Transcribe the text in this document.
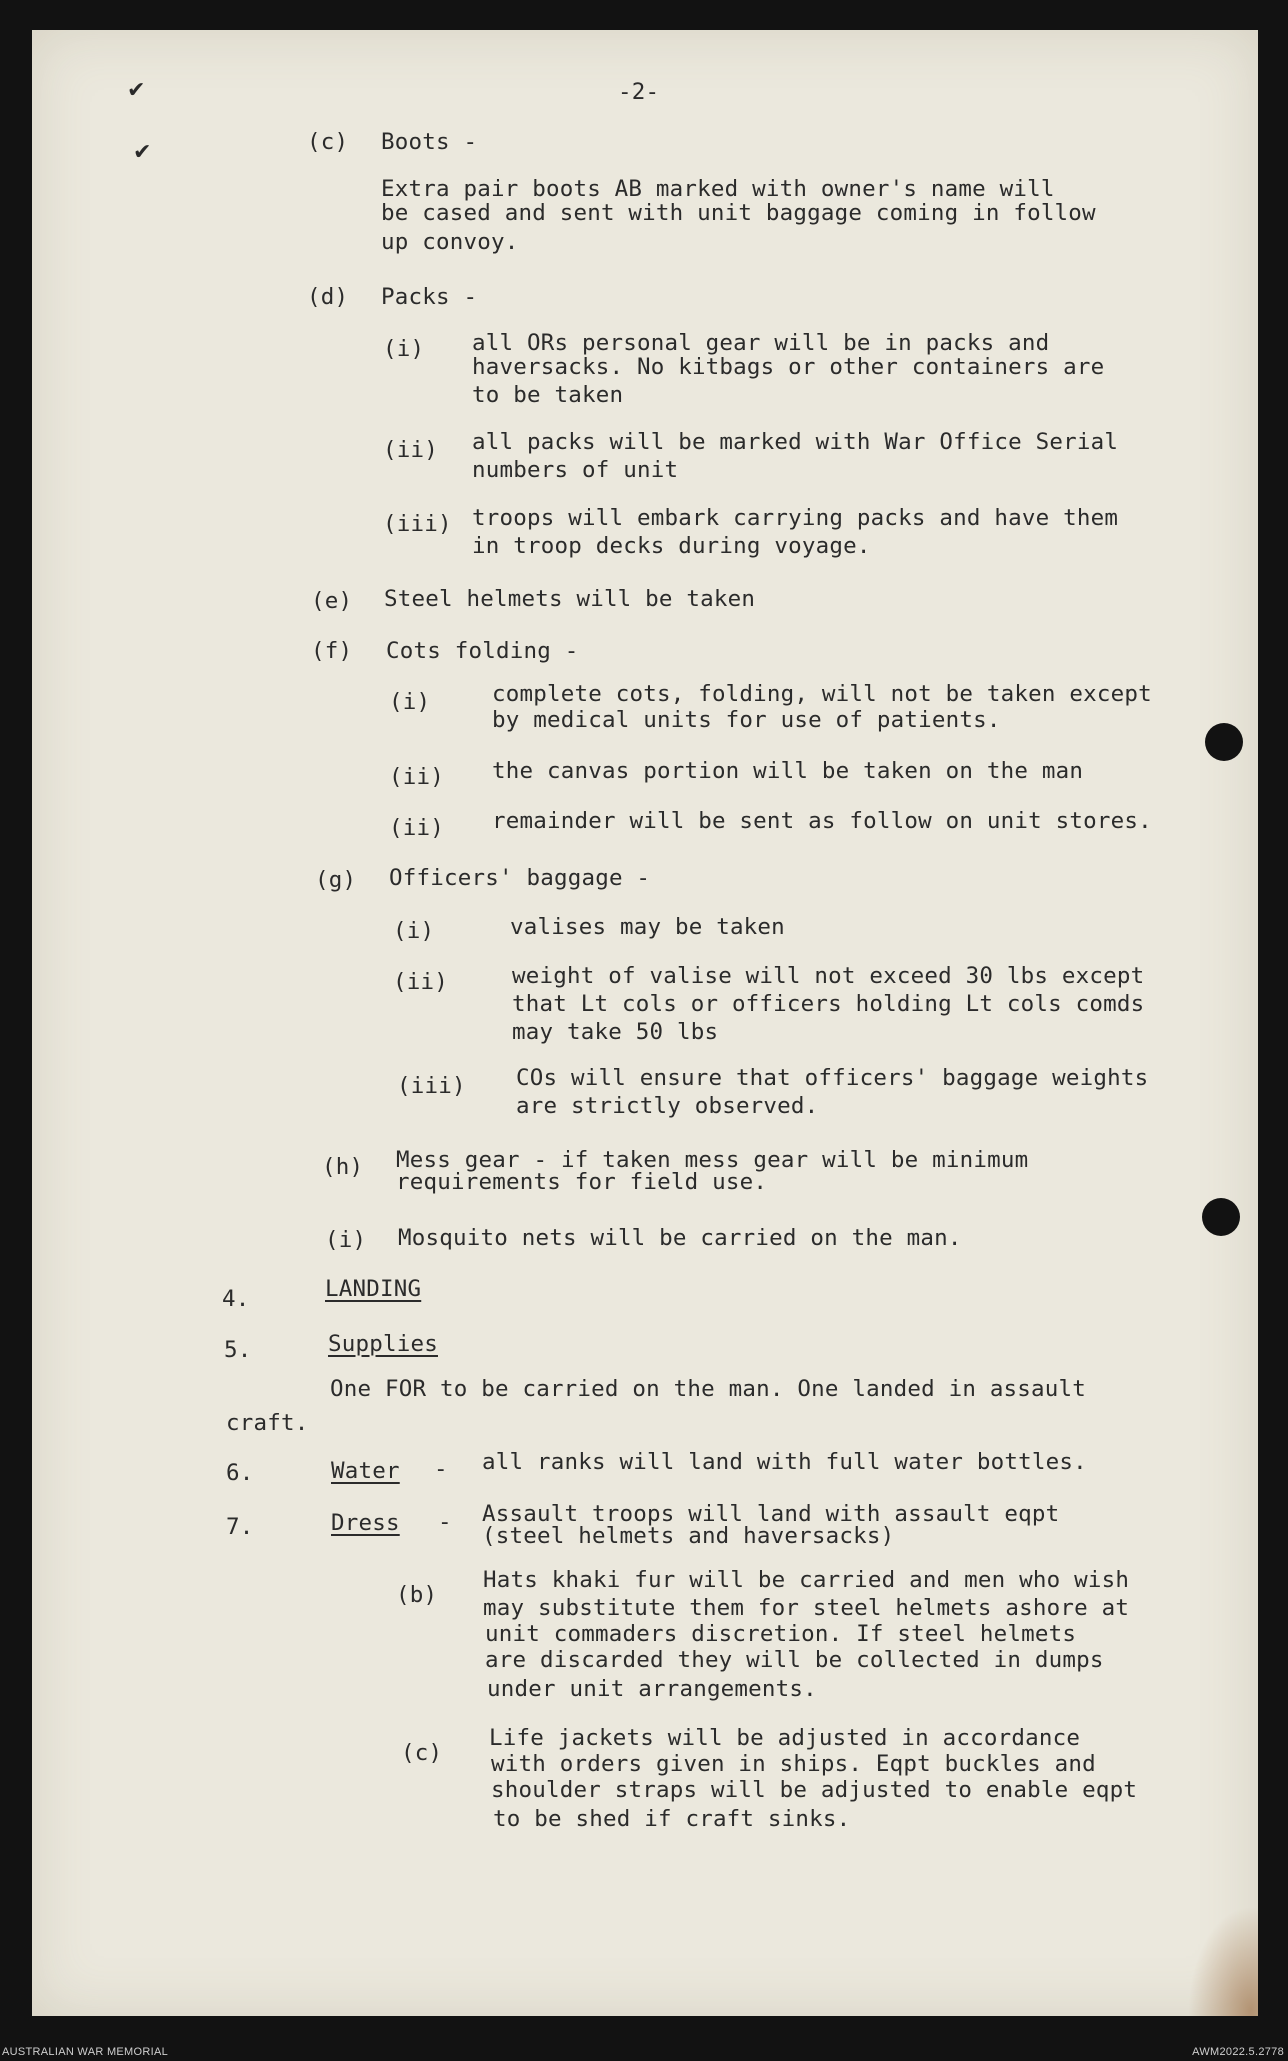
✔
✔
-2-
(c) Boots -
Extra pair boots AB marked with owner's name will
be cased and sent with unit baggage coming in follow
up convoy.
(d) Packs -
(i) all ORs personal gear will be in packs and
haversacks. No kitbags or other containers are
to be taken
(ii) all packs will be marked with War Office Serial
numbers of unit
(iii) troops will embark carrying packs and have them
in troop decks during voyage.
(e) Steel helmets will be taken
(f) Cots folding -
(i)	complete cots, folding, will not be taken except
by medical units for use of patients.
(ii) the canvas portion will be taken on the man
(ii) remainder will be sent as follow on unit stores.
(g) Officers' baggage -
(i)	valises may be taken
(ii)	weight of valise will not exceed 30 lbs except
that Lt cols or officers holding Lt cols comds
may take 50 lbs
(iii) COs will ensure that officers' baggage weights
are strictly observed.
(h) Mess gear - if taken mess gear will be minimum
requirements for field use.
(i) Mosquito nets will be carried on the man.
4.	LANDING
5.	Supplies
One FOR to be carried on the man. One landed in assault
craft.
6.	Water - all ranks will land with full water bottles.
7.	Dress - Assault troops will land with assault eqpt
(steel helmets and haversacks)
(b)
Hats khaki fur will be carried and men who wish
may substitute them for steel helmets ashore at
unit commaders discretion. If steel helmets
are discarded they will be collected in dumps
under unit arrangements.
(c)
Life jackets will be adjusted in accordance
with orders given in ships. Eqpt buckles and
shoulder straps will be adjusted to enable eqpt
to be shed if craft sinks.
AUSTRALIAN WAR MEMORIAL	AWM2022.5.2778
